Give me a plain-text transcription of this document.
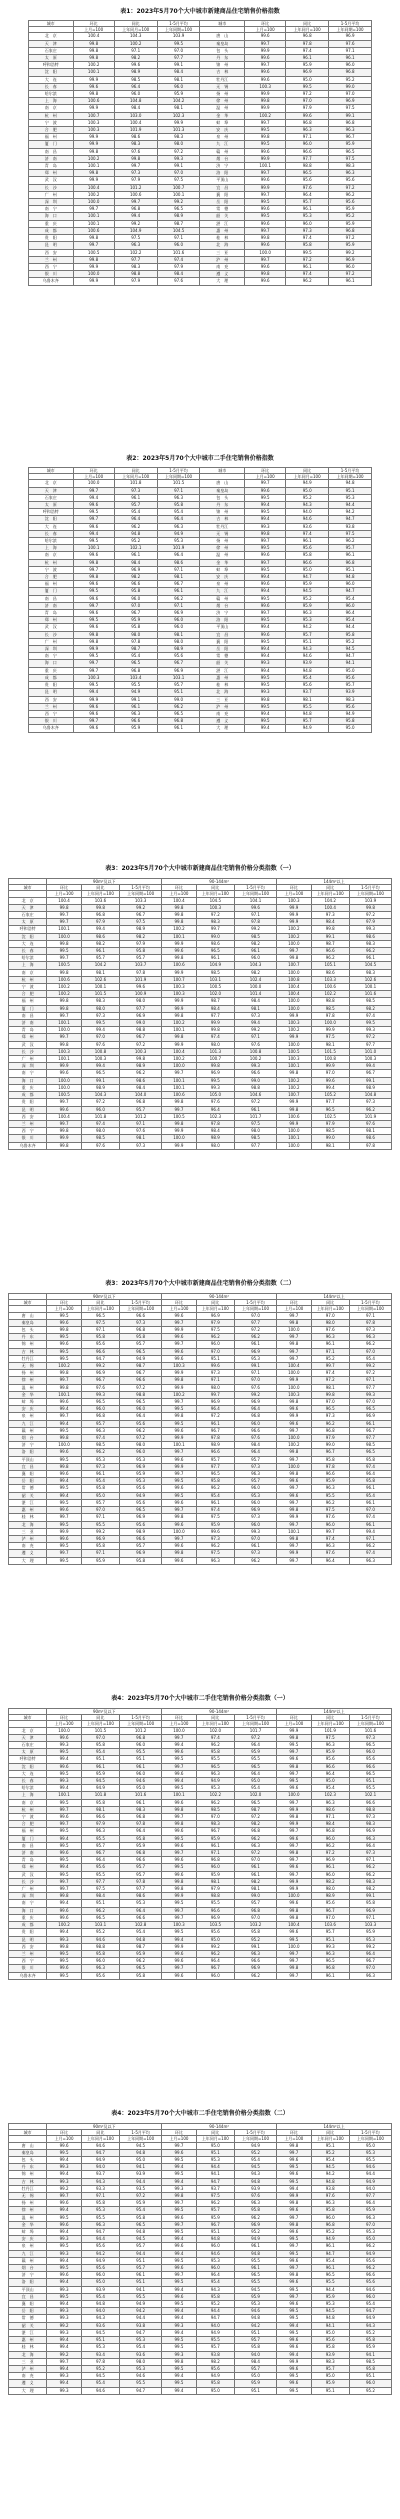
表1：2023年5月70个大中城市新建商品住宅销售价格指数
城市	环比	同比	1-5月平均	城市	环比	同比	1-5月平均
	上月=100	上年同月=100	上年同期=100		上月=100	上年同月=100	上年同期=100
北　京	100.4	104.3	103.9	唐　山	99.6	96.8	96.9
天　津	99.8	100.2	99.5	秦皇岛	99.7	97.8	97.6
石家庄	99.8	97.1	97.0	包　头	99.9	97.4	97.1
太　原	99.8	98.2	97.7	丹　东	99.6	96.1	96.1
呼和浩特	100.2	99.6	99.1	锦　州	99.7	95.9	96.0
沈　阳	100.1	98.9	98.4	吉　林	99.6	96.9	96.8
大　连	99.9	98.5	98.1	牡丹江	99.6	95.0	95.2
长　春	99.6	96.4	96.0	无　锡	100.3	99.5	99.0
哈尔滨	99.8	96.0	95.9	扬　州	99.9	97.2	97.0
上　海	100.6	104.8	104.2	徐　州	99.8	97.0	96.9
南　京	99.9	98.4	98.1	温　州	99.9	97.9	97.5
杭　州	100.7	103.0	102.3	金　华	100.2	99.6	99.1
宁　波	100.3	100.4	99.9	蚌　埠	99.7	96.8	96.8
合　肥	100.3	101.9	101.3	安　庆	99.5	96.3	96.3
福　州	99.9	98.6	98.3	泉　州	99.8	97.1	96.7
厦　门	99.9	98.3	98.0	九　江	99.5	96.0	95.9
南　昌	99.8	97.6	97.2	赣　州	99.6	96.6	96.5
济　南	100.2	99.8	99.3	烟　台	99.9	97.7	97.5
青　岛	100.1	99.7	99.1	济　宁	100.1	98.8	98.3
郑　州	99.8	97.3	97.0	洛　阳	99.7	96.5	96.3
武　汉	99.9	97.9	97.5	平顶山	99.6	95.6	95.6
长　沙	100.4	101.2	100.7	宜　昌	99.9	97.6	97.2
广　州	100.2	100.6	100.1	襄　阳	99.7	96.4	96.2
深　圳	100.0	99.7	99.2	岳　阳	99.5	95.7	95.6
南　宁	99.7	96.8	96.5	常　德	99.6	96.1	95.9
海　口	100.1	99.4	98.9	韶　关	99.5	95.3	95.2
重　庆	100.1	99.2	98.7	湛　江	99.6	96.0	95.9
成　都	100.6	104.9	104.5	惠　州	99.7	97.3	96.8
贵　阳	99.8	97.5	97.1	桂　林	99.8	97.4	97.2
昆　明	99.7	96.3	96.0	北　海	99.6	95.8	95.9
西　安	100.5	102.2	101.6	三　亚	100.0	99.5	99.2
兰　州	99.8	97.7	97.4	泸　州	99.7	97.2	96.9
西　宁	99.9	98.3	97.9	南　充	99.6	96.1	96.0
银　川	100.0	98.8	98.4	遵　义	99.8	97.4	97.2
乌鲁木齐	99.9	97.9	97.6	大　理	99.6	96.2	96.1
表2：2023年5月70个大中城市二手住宅销售价格指数
城市	环比	同比	1-5月平均	城市	环比	同比	1-5月平均
	上月=100	上年同月=100	上年同期=100		上月=100	上年同月=100	上年同期=100
北　京	100.0	101.8	101.5	唐　山	99.7	94.9	94.8
天　津	99.7	97.3	97.1	秦皇岛	99.6	95.0	95.1
石家庄	99.4	96.1	96.3	包　头	99.5	95.2	95.3
太　原	99.6	95.7	95.8	丹　东	99.4	94.3	94.4
呼和浩特	99.5	95.4	95.4	锦　州	99.5	94.0	94.2
沈　阳	99.7	96.4	96.4	吉　林	99.4	94.6	94.7
大　连	99.6	96.2	96.3	牡丹江	99.3	93.6	93.8
长　春	99.4	94.8	94.9	无　锡	99.8	97.4	97.5
哈尔滨	99.5	95.2	95.3	扬　州	99.7	96.1	96.2
上　海	100.1	102.1	101.9	徐　州	99.5	95.6	95.7
南　京	99.6	96.1	96.4	温　州	99.6	95.8	96.1
杭　州	99.8	98.4	98.6	金　华	99.7	96.6	96.8
宁　波	99.7	96.9	97.1	蚌　埠	99.5	95.0	95.1
合　肥	99.8	98.2	98.1	安　庆	99.4	94.7	94.8
福　州	99.6	96.6	96.7	泉　州	99.6	95.9	96.0
厦　门	99.5	95.8	96.1	九　江	99.4	94.5	94.7
南　昌	99.6	96.0	96.2	赣　州	99.5	95.2	95.4
济　南	99.7	97.0	97.1	烟　台	99.6	95.9	96.0
青　岛	99.6	96.7	96.9	济　宁	99.7	96.3	96.4
郑　州	99.5	95.9	96.0	洛　阳	99.5	95.3	95.4
武　汉	99.6	95.8	96.0	平顶山	99.4	94.2	94.4
长　沙	99.8	98.0	98.1	宜　昌	99.6	95.7	95.8
广　州	99.8	97.8	98.0	襄　阳	99.5	95.1	95.2
深　圳	99.9	98.7	98.9	岳　阳	99.4	94.3	94.5
南　宁	99.5	95.4	95.6	常　德	99.4	94.6	94.7
海　口	99.7	96.5	96.7	韶　关	99.3	93.9	94.1
重　庆	99.7	96.8	96.9	湛　江	99.4	94.8	95.0
成　都	100.3	103.4	103.1	惠　州	99.5	95.4	95.6
贵　阳	99.5	95.5	95.7	桂　林	99.5	95.6	95.7
昆　明	99.4	94.9	95.1	北　海	99.3	93.7	93.9
西　安	99.9	99.1	99.0	三　亚	99.8	98.1	98.3
兰　州	99.6	96.1	96.2	泸　州	99.5	95.5	95.6
西　宁	99.6	96.3	96.5	南　充	99.4	94.8	94.9
银　川	99.7	96.6	96.8	遵　义	99.5	95.7	95.8
乌鲁木齐	99.6	95.9	96.1	大　理	99.4	94.9	95.0
表3：2023年5月70个大中城市新建商品住宅销售价格分类指数（一）
	90m²及以下			90-144m²			144m²以上		
城市	环比	同比	1-5月平均	环比	同比	1-5月平均	环比	同比	1-5月平均
	上月=100	上年同月=100	上年同期=100	上月=100	上年同月=100	上年同期=100	上月=100	上年同月=100	上年同期=100
北　京	100.4	103.6	103.3	100.4	104.5	104.1	100.3	104.2	103.9
天　津	99.8	99.8	99.2	99.8	100.3	99.6	99.9	100.4	99.8
石家庄	99.7	96.8	96.7	99.8	97.2	97.1	99.9	97.3	97.2
太　原	99.7	97.9	97.5	99.8	98.3	97.8	99.9	98.4	97.9
呼和浩特	100.1	99.4	98.9	100.2	99.7	99.2	100.2	99.8	99.3
沈　阳	100.0	98.6	98.2	100.1	99.0	98.5	100.2	99.1	98.6
大　连	99.8	98.2	97.9	99.9	98.6	98.2	100.0	98.7	98.3
长　春	99.5	96.1	95.8	99.6	96.5	96.1	99.7	96.6	96.2
哈尔滨	99.7	95.7	95.7	99.8	96.1	96.0	99.8	96.2	96.1
上　海	100.5	104.2	103.7	100.6	104.9	104.3	100.7	105.1	104.5
南　京	99.8	98.1	97.8	99.9	98.5	98.2	100.0	98.6	98.3
杭　州	100.6	102.6	101.9	100.7	103.1	102.4	100.8	103.3	102.6
宁　波	100.2	100.1	99.6	100.3	100.5	100.0	100.4	100.6	100.1
合　肥	100.2	101.5	100.9	100.3	102.0	101.4	100.4	102.2	101.6
福　州	99.8	98.3	98.0	99.9	98.7	98.4	100.0	98.8	98.5
厦　门	99.8	98.0	97.7	99.9	98.4	98.1	100.0	98.5	98.2
南　昌	99.7	97.3	96.9	99.8	97.7	97.3	99.9	97.8	97.4
济　南	100.1	99.5	99.0	100.2	99.9	99.4	100.3	100.0	99.5
青　岛	100.0	99.4	98.8	100.1	99.8	99.2	100.2	99.9	99.3
郑　州	99.7	97.0	96.7	99.8	97.4	97.1	99.9	97.5	97.2
武　汉	99.8	97.6	97.2	99.9	98.0	97.6	100.0	98.1	97.7
长　沙	100.3	100.8	100.3	100.4	101.3	100.8	100.5	101.5	101.0
广　州	100.1	100.3	99.8	100.2	100.7	100.2	100.3	100.8	100.3
深　圳	99.9	99.4	98.9	100.0	99.8	99.3	100.1	99.9	99.4
南　宁	99.6	96.5	96.2	99.7	96.9	96.6	99.8	97.0	96.7
海　口	100.0	99.1	98.6	100.1	99.5	99.0	100.2	99.6	99.1
重　庆	100.0	98.9	98.4	100.1	99.3	98.8	100.2	99.4	98.9
成　都	100.5	104.3	104.0	100.6	105.0	104.6	100.7	105.2	104.8
贵　阳	99.7	97.2	96.8	99.8	97.6	97.2	99.9	97.7	97.3
昆　明	99.6	96.0	95.7	99.7	96.4	96.1	99.8	96.5	96.2
西　安	100.4	101.8	101.2	100.5	102.3	101.7	100.6	102.5	101.9
兰　州	99.7	97.4	97.1	99.8	97.8	97.5	99.9	97.9	97.6
西　宁	99.8	98.0	97.6	99.9	98.4	98.0	100.0	98.5	98.1
银　川	99.9	98.5	98.1	100.0	98.9	98.5	100.1	99.0	98.6
乌鲁木齐	99.8	97.6	97.3	99.9	98.0	97.7	100.0	98.1	97.8
表3：2023年5月70个大中城市新建商品住宅销售价格分类指数（二）
	90m²及以下			90-144m²			144m²以上		
城市	环比	同比	1-5月平均	环比	同比	1-5月平均	环比	同比	1-5月平均
	上月=100	上年同月=100	上年同期=100	上月=100	上年同月=100	上年同期=100	上月=100	上年同月=100	上年同期=100
唐　山	99.5	96.5	96.6	99.6	96.9	97.0	99.7	97.0	97.1
秦皇岛	99.6	97.5	97.3	99.7	97.9	97.7	99.8	98.0	97.8
包　头	99.8	97.1	96.8	99.9	97.5	97.2	100.0	97.6	97.3
丹　东	99.5	95.8	95.8	99.6	96.2	96.2	99.7	96.3	96.3
锦　州	99.6	95.6	95.7	99.7	96.0	96.1	99.8	96.1	96.2
吉　林	99.5	96.6	96.5	99.6	97.0	96.9	99.7	97.1	97.0
牡丹江	99.5	94.7	94.9	99.6	95.1	95.3	99.7	95.2	95.4
无　锡	100.2	99.2	98.7	100.3	99.6	99.1	100.4	99.7	99.2
扬　州	99.8	96.9	96.7	99.9	97.3	97.1	100.0	97.4	97.2
徐　州	99.7	96.7	96.6	99.8	97.1	97.0	99.9	97.2	97.1
温　州	99.8	97.6	97.2	99.9	98.0	97.6	100.0	98.1	97.7
金　华	100.1	99.3	98.8	100.2	99.7	99.2	100.3	99.8	99.3
蚌　埠	99.6	96.5	96.5	99.7	96.9	96.9	99.8	97.0	97.0
安　庆	99.4	96.0	96.0	99.5	96.4	96.4	99.6	96.5	96.5
泉　州	99.7	96.8	96.4	99.8	97.2	96.8	99.9	97.3	96.9
九　江	99.4	95.7	95.6	99.5	96.1	96.0	99.6	96.2	96.1
赣　州	99.5	96.3	96.2	99.6	96.7	96.6	99.7	96.8	96.7
烟　台	99.8	97.4	97.2	99.9	97.8	97.6	100.0	97.9	97.7
济　宁	100.0	98.5	98.0	100.1	98.9	98.4	100.2	99.0	98.5
洛　阳	99.6	96.2	96.0	99.7	96.6	96.4	99.8	96.7	96.5
平顶山	99.5	95.3	95.3	99.6	95.7	95.7	99.7	95.8	95.8
宜　昌	99.8	97.3	96.9	99.9	97.7	97.3	100.0	97.8	97.4
襄　阳	99.6	96.1	95.9	99.7	96.5	96.3	99.8	96.6	96.4
岳　阳	99.4	95.4	95.3	99.5	95.8	95.7	99.6	95.9	95.8
常　德	99.5	95.8	95.6	99.6	96.2	96.0	99.7	96.3	96.1
韶　关	99.4	95.0	94.9	99.5	95.4	95.3	99.6	95.5	95.4
湛　江	99.5	95.7	95.6	99.6	96.1	96.0	99.7	96.2	96.1
惠　州	99.6	97.0	96.5	99.7	97.4	96.9	99.8	97.5	97.0
桂　林	99.7	97.1	96.9	99.8	97.5	97.3	99.9	97.6	97.4
北　海	99.5	95.5	95.6	99.6	95.9	96.0	99.7	96.0	96.1
三　亚	99.9	99.2	98.9	100.0	99.6	99.3	100.1	99.7	99.4
泸　州	99.6	96.9	96.6	99.7	97.3	97.0	99.8	97.4	97.1
南　充	99.5	95.8	95.7	99.6	96.2	96.1	99.7	96.3	96.2
遵　义	99.7	97.1	96.9	99.8	97.5	97.3	99.9	97.6	97.4
大　理	99.5	95.9	95.8	99.6	96.3	96.2	99.7	96.4	96.3
表4：2023年5月70个大中城市二手住宅销售价格分类指数（一）
	90m²及以下			90-144m²			144m²以上		
城市	环比	同比	1-5月平均	环比	同比	1-5月平均	环比	同比	1-5月平均
	上月=100	上年同月=100	上年同期=100	上月=100	上年同月=100	上年同期=100	上月=100	上年同月=100	上年同期=100
北　京	100.0	101.5	101.2	100.0	102.0	101.7	99.9	101.9	101.6
天　津	99.6	97.0	96.8	99.7	97.4	97.2	99.8	97.5	97.3
石家庄	99.3	95.8	96.0	99.4	96.2	96.4	99.5	96.3	96.5
太　原	99.5	95.4	95.5	99.6	95.8	95.9	99.7	95.9	96.0
呼和浩特	99.4	95.1	95.1	99.5	95.5	95.5	99.6	95.6	95.6
沈　阳	99.6	96.1	96.1	99.7	96.5	96.5	99.8	96.6	96.6
大　连	99.5	95.9	96.0	99.6	96.3	96.4	99.7	96.4	96.5
长　春	99.3	94.5	94.6	99.4	94.9	95.0	99.5	95.0	95.1
哈尔滨	99.4	94.9	95.0	99.5	95.3	95.4	99.6	95.4	95.5
上　海	100.1	101.8	101.6	100.1	102.2	102.0	100.0	102.3	102.1
南　京	99.5	95.8	96.1	99.6	96.2	96.5	99.7	96.3	96.6
杭　州	99.7	98.1	98.3	99.8	98.5	98.7	99.9	98.6	98.8
宁　波	99.6	96.6	96.8	99.7	97.0	97.2	99.8	97.1	97.3
合　肥	99.7	97.9	97.8	99.8	98.3	98.2	99.9	98.4	98.3
福　州	99.5	96.3	96.4	99.6	96.7	96.8	99.7	96.8	96.9
厦　门	99.4	95.5	95.8	99.5	95.9	96.2	99.6	96.0	96.3
南　昌	99.5	95.7	95.9	99.6	96.1	96.3	99.7	96.2	96.4
济　南	99.6	96.7	96.8	99.7	97.1	97.2	99.8	97.2	97.3
青　岛	99.5	96.4	96.6	99.6	96.8	97.0	99.7	96.9	97.1
郑　州	99.4	95.6	95.7	99.5	96.0	96.1	99.6	96.1	96.2
武　汉	99.5	95.5	95.7	99.6	95.9	96.1	99.7	96.0	96.2
长　沙	99.7	97.7	97.8	99.8	98.1	98.2	99.9	98.2	98.3
广　州	99.7	97.5	97.7	99.8	97.9	98.1	99.9	98.0	98.2
深　圳	99.8	98.4	98.6	99.9	98.8	99.0	100.0	98.9	99.1
南　宁	99.4	95.1	95.3	99.5	95.5	95.7	99.6	95.6	95.8
海　口	99.6	96.2	96.4	99.7	96.6	96.8	99.8	96.7	96.9
重　庆	99.6	96.5	96.6	99.7	96.9	97.0	99.8	97.0	97.1
成　都	100.2	103.1	102.8	100.3	103.5	103.2	100.4	103.6	103.3
贵　阳	99.4	95.2	95.4	99.5	95.6	95.8	99.6	95.7	95.9
昆　明	99.3	94.6	94.8	99.4	95.0	95.2	99.5	95.1	95.3
西　安	99.8	98.8	98.7	99.9	99.2	99.1	100.0	99.3	99.2
兰　州	99.5	95.8	95.9	99.6	96.2	96.3	99.7	96.3	96.4
西　宁	99.5	96.0	96.2	99.6	96.4	96.6	99.7	96.5	96.7
银　川	99.6	96.3	96.5	99.7	96.7	96.9	99.8	96.8	97.0
乌鲁木齐	99.5	95.6	95.8	99.6	96.0	96.2	99.7	96.1	96.3
表4：2023年5月70个大中城市二手住宅销售价格分类指数（二）
	90m²及以下			90-144m²			144m²以上		
城市	环比	同比	1-5月平均	环比	同比	1-5月平均	环比	同比	1-5月平均
	上月=100	上年同月=100	上年同期=100	上月=100	上年同月=100	上年同期=100	上月=100	上年同月=100	上年同期=100
唐　山	99.6	94.6	94.5	99.7	95.0	94.9	99.8	95.1	95.0
秦皇岛	99.5	94.7	94.8	99.6	95.1	95.2	99.7	95.2	95.3
包　头	99.4	94.9	95.0	99.5	95.3	95.4	99.6	95.4	95.5
丹　东	99.3	94.0	94.1	99.4	94.4	94.5	99.5	94.5	94.6
锦　州	99.4	93.7	93.9	99.5	94.1	94.3	99.6	94.2	94.4
吉　林	99.3	94.3	94.4	99.4	94.7	94.8	99.5	94.8	94.9
牡丹江	99.2	93.3	93.5	99.3	93.7	93.9	99.4	93.8	94.0
无　锡	99.7	97.1	97.2	99.8	97.5	97.6	99.9	97.6	97.7
扬　州	99.6	95.8	95.9	99.7	96.2	96.3	99.8	96.3	96.4
徐　州	99.4	95.3	95.4	99.5	95.7	95.8	99.6	95.8	95.9
温　州	99.5	95.5	95.8	99.6	95.9	96.2	99.7	96.0	96.3
金　华	99.6	96.3	96.5	99.7	96.7	96.9	99.8	96.8	97.0
蚌　埠	99.4	94.7	94.8	99.5	95.1	95.2	99.6	95.2	95.3
安　庆	99.3	94.4	94.5	99.4	94.8	94.9	99.5	94.9	95.0
泉　州	99.5	95.6	95.7	99.6	96.0	96.1	99.7	96.1	96.2
九　江	99.3	94.2	94.4	99.4	94.6	94.8	99.5	94.7	94.9
赣　州	99.4	94.9	95.1	99.5	95.3	95.5	99.6	95.4	95.6
烟　台	99.5	95.6	95.7	99.6	96.0	96.1	99.7	96.1	96.2
济　宁	99.6	96.0	96.1	99.7	96.4	96.5	99.8	96.5	96.6
洛　阳	99.4	95.0	95.1	99.5	95.4	95.5	99.6	95.5	95.6
平顶山	99.3	93.9	94.1	99.4	94.3	94.5	99.5	94.4	94.6
宜　昌	99.5	95.4	95.5	99.6	95.8	95.9	99.7	95.9	96.0
襄　阳	99.4	94.8	94.9	99.5	95.2	95.3	99.6	95.3	95.4
岳　阳	99.3	94.0	94.2	99.4	94.4	94.6	99.5	94.5	94.7
常　德	99.3	94.3	94.4	99.4	94.7	94.8	99.5	94.8	94.9
韶　关	99.2	93.6	93.8	99.3	94.0	94.2	99.4	94.1	94.3
湛　江	99.3	94.5	94.7	99.4	94.9	95.1	99.5	95.0	95.2
惠　州	99.4	95.1	95.3	99.5	95.5	95.7	99.6	95.6	95.8
桂　林	99.4	95.3	95.4	99.5	95.7	95.8	99.6	95.8	95.9
北　海	99.2	93.4	93.6	99.3	93.8	94.0	99.4	93.9	94.1
三　亚	99.7	97.8	98.0	99.8	98.2	98.4	99.9	98.3	98.5
泸　州	99.4	95.2	95.3	99.5	95.6	95.7	99.6	95.7	95.8
南　充	99.3	94.5	94.6	99.4	94.9	95.0	99.5	95.0	95.1
遵　义	99.4	95.4	95.5	99.5	95.8	95.9	99.6	95.9	96.0
大　理	99.3	94.6	94.7	99.4	95.0	95.1	99.5	95.1	95.2
